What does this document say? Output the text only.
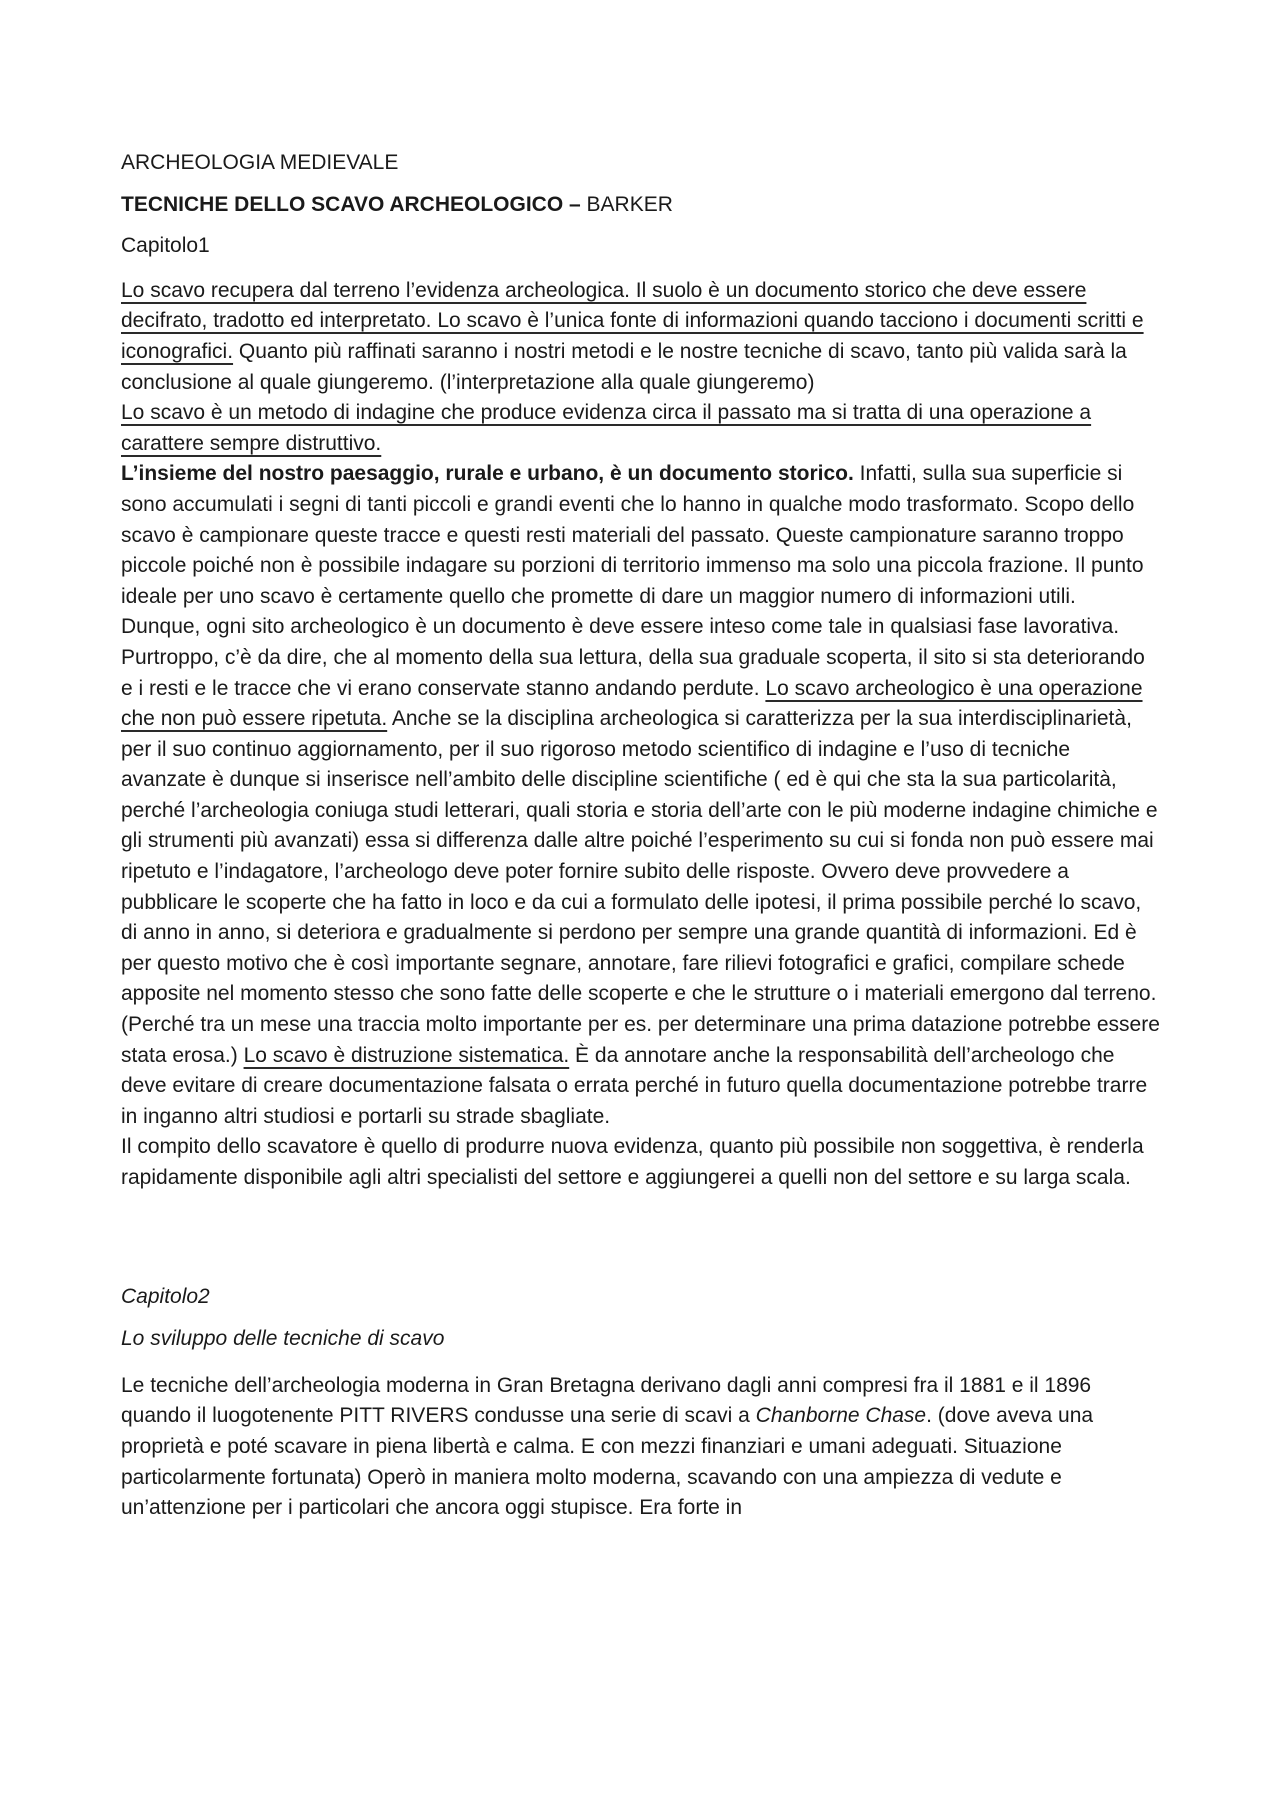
ARCHEOLOGIA MEDIEVALE
TECNICHE DELLO SCAVO ARCHEOLOGICO – BARKER
Capitolo1

Lo scavo recupera dal terreno l’evidenza archeologica. Il suolo è un documento storico che deve essere decifrato, tradotto ed interpretato. Lo scavo è l’unica fonte di informazioni quando tacciono i documenti scritti e iconografici. Quanto più raffinati saranno i nostri metodi e le nostre tecniche di scavo, tanto più valida sarà la conclusione al quale giungeremo. (l’interpretazione alla quale giungeremo)

Lo scavo è un metodo di indagine che produce evidenza circa il passato ma si tratta di una operazione a carattere sempre distruttivo.

L’insieme del nostro paesaggio, rurale e urbano, è un documento storico. Infatti, sulla sua superficie si sono accumulati i segni di tanti piccoli e grandi eventi che lo hanno in qualche modo trasformato. Scopo dello scavo è campionare queste tracce e questi resti materiali del passato. Queste campionature saranno troppo piccole poiché non è possibile indagare su porzioni di territorio immenso ma solo una piccola frazione. Il punto ideale per uno scavo è certamente quello che promette di dare un maggior numero di informazioni utili.

Dunque, ogni sito archeologico è un documento è deve essere inteso come tale in qualsiasi fase lavorativa. Purtroppo, c’è da dire, che al momento della sua lettura, della sua graduale scoperta, il sito si sta deteriorando e i resti e le tracce che vi erano conservate stanno andando perdute. Lo scavo archeologico è una operazione che non può essere ripetuta. Anche se la disciplina archeologica si caratterizza per la sua interdisciplinarietà, per il suo continuo aggiornamento, per il suo rigoroso metodo scientifico di indagine e l’uso di tecniche avanzate è dunque si inserisce nell’ambito delle discipline scientifiche ( ed è qui che sta la sua particolarità, perché l’archeologia coniuga studi letterari, quali storia e storia dell’arte con le più moderne indagine chimiche e gli strumenti più avanzati) essa si differenza dalle altre poiché l’esperimento su cui si fonda non può essere mai ripetuto e l’indagatore, l’archeologo deve poter fornire subito delle risposte. Ovvero deve provvedere a pubblicare le scoperte che ha fatto in loco e da cui a formulato delle ipotesi, il prima possibile perché lo scavo, di anno in anno, si deteriora e gradualmente si perdono per sempre una grande quantità di informazioni. Ed è per questo motivo che è così importante segnare, annotare, fare rilievi fotografici e grafici, compilare schede apposite nel momento stesso che sono fatte delle scoperte e che le strutture o i materiali emergono dal terreno. (Perché tra un mese una traccia molto importante per es. per determinare una prima datazione potrebbe essere stata erosa.) Lo scavo è distruzione sistematica. È da annotare anche la responsabilità dell’archeologo che deve evitare di creare documentazione falsata o errata perché in futuro quella documentazione potrebbe trarre in inganno altri studiosi e portarli su strade sbagliate.

Il compito dello scavatore è quello di produrre nuova evidenza, quanto più possibile non soggettiva, è renderla rapidamente disponibile agli altri specialisti del settore e aggiungerei a quelli non del settore e su larga scala.

Capitolo2
Lo sviluppo delle tecniche di scavo

Le tecniche dell’archeologia moderna in Gran Bretagna derivano dagli anni compresi fra il 1881 e il 1896 quando il luogotenente PITT RIVERS condusse una serie di scavi a Chanborne Chase. (dove aveva una proprietà e poté scavare in piena libertà e calma. E con mezzi finanziari e umani adeguati. Situazione particolarmente fortunata) Operò in maniera molto moderna, scavando con una ampiezza di vedute e un’attenzione per i particolari che ancora oggi stupisce. Era forte in
